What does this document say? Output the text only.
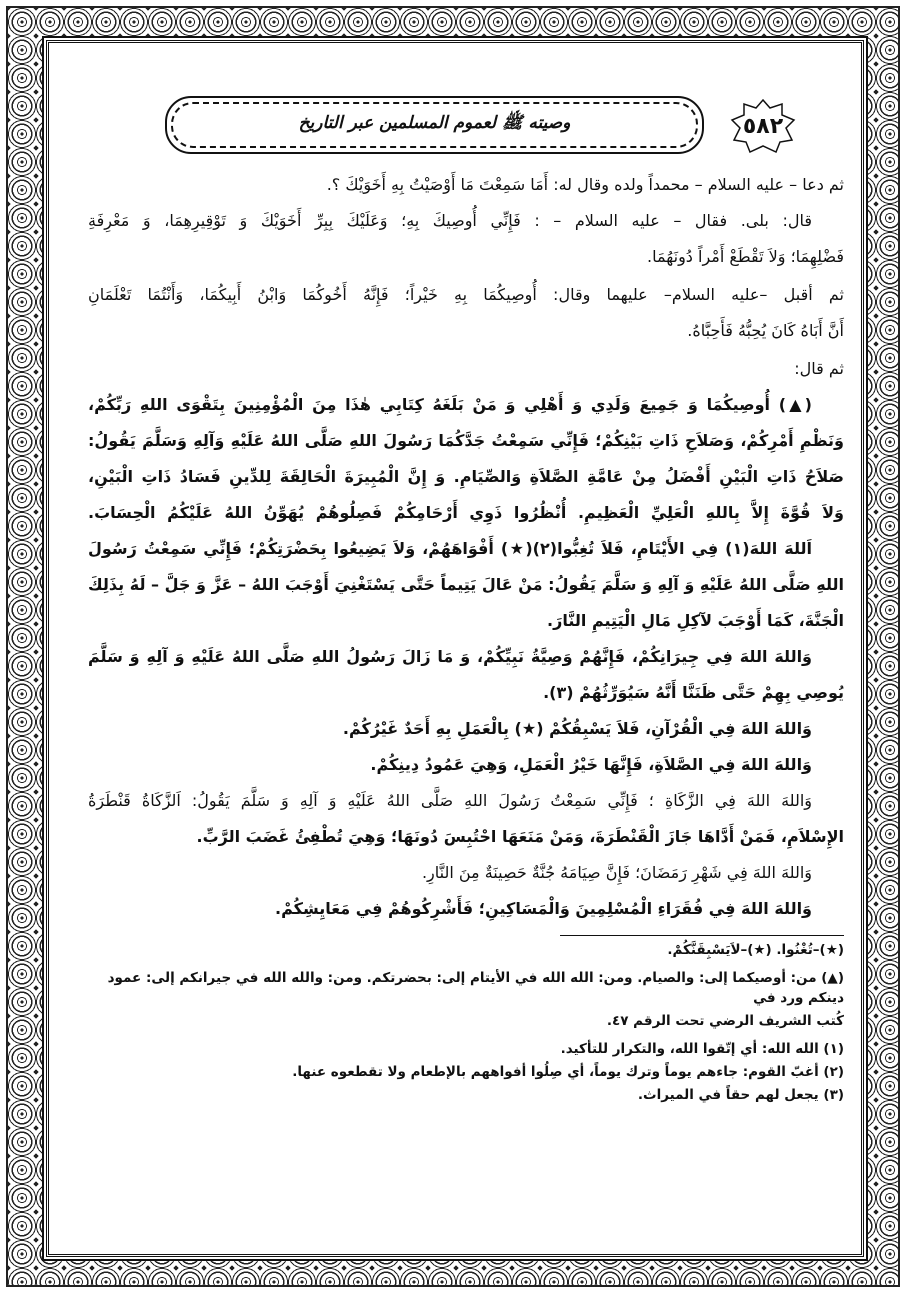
وصيته ﷺ لعموم المسلمين عبر التاريخ	٥٨٢
ثم دعا – عليه السلام – محمداً ولده وقال له: أَمَا سَمِعْتَ مَا أَوْصَيْتُ بِهِ أَخَوَيْكَ ؟.
قال: بلى. فقال – عليه السلام – : فَإِنِّي أُوصِيكَ بِهِ؛ وَعَلَيْكَ بِبِرِّ أَخَوَيْكَ وَ تَوْقِيرِهِمَا، وَ مَعْرِفَةِ
فَضْلِهِمَا؛ وَلاَ تَقْطَعْ أَمْراً دُونَهُمَا.
ثم أقبل –عليه السلام– عليهما وقال: أُوصِيكُمَا بِهِ خَيْراً؛ فَإِنَّهُ أَخُوكُمَا وَابْنُ أَبِيكُمَا، وَأَنْتُمَا تَعْلَمَانِ
أَنَّ أَبَاهُ كَانَ يُحِبُّهُ فَأَحِبَّاهُ.
ثم قال:
(▲) أُوصِيكُمَا وَ جَمِيعَ وَلَدِي وَ أَهْلِي وَ مَنْ بَلَغَهُ كِتَابِي هٰذَا مِنَ الْمُؤْمِنِينَ بِتَقْوَى اللهِ رَبِّكُمْ،
وَنَظْمِ أَمْرِكُمْ، وَصَلاَحِ ذَاتِ بَيْنِكُمْ؛ فَإِنِّي سَمِعْتُ جَدَّكُمَا رَسُولَ اللهِ صَلَّى اللهُ عَلَيْهِ وَآلِهِ وَسَلَّمَ يَقُولُ:
صَلاَحُ ذَاتِ الْبَيْنِ أَفْضَلُ مِنْ عَامَّةِ الصَّلاَةِ وَالصِّيَامِ. وَ إِنَّ الْمُبِيرَةَ الْحَالِقَةَ لِلدِّينِ فَسَادُ ذَاتِ الْبَيْنِ،
وَلاَ قُوَّةَ إِلاَّ بِاللهِ الْعَلِيِّ الْعَظِيمِ. أُنْظُرُوا ذَوِي أَرْحَامِكُمْ فَصِلُوهُمْ يُهَوِّنُ اللهُ عَلَيْكُمُ الْحِسَابَ.
اَللهَ اللهَ(١) فِي الأَيْتَامِ، فَلاَ تُغِبُّوا(٢)(★) أَفْوَاهَهُمْ، وَلاَ يَضِيعُوا بِحَضْرَتِكُمْ؛ فَإِنِّي سَمِعْتُ رَسُولَ
اللهِ صَلَّى اللهُ عَلَيْهِ وَ آلِهِ وَ سَلَّمَ يَقُولُ: مَنْ عَالَ يَتِيماً حَتَّى يَسْتَغْنِيَ أَوْجَبَ اللهُ – عَزَّ وَ جَلَّ – لَهُ بِذَلِكَ
الْجَنَّةَ، كَمَا أَوْجَبَ لآكِلِ مَالِ الْيَتِيمِ النَّارَ.
وَاللهَ اللهَ فِي جِيرَانِكُمْ، فَإِنَّهُمْ وَصِيَّةُ نَبِيِّكُمْ، وَ مَا زَالَ رَسُولُ اللهِ صَلَّى اللهُ عَلَيْهِ وَ آلِهِ وَ سَلَّمَ
يُوصِي بِهِمْ حَتَّى ظَنَنَّا أَنَّهُ سَيُوَرِّثُهُمْ (٣).
وَاللهَ اللهَ فِي الْقُرْآنِ، فَلاَ يَسْبِقُكُمْ (★) بِالْعَمَلِ بِهِ أَحَدٌ غَيْرُكُمْ.
وَاللهَ اللهَ فِي الصَّلاَةِ، فَإِنَّهَا خَيْرُ الْعَمَلِ، وَهِيَ عَمُودُ دِينِكُمْ.
وَاللهَ اللهَ فِي الزَّكَاةِ ؛ فَإِنِّي سَمِعْتُ رَسُولَ اللهِ صَلَّى اللهُ عَلَيْهِ وَ آلِهِ وَ سَلَّمَ يَقُولُ: اَلزَّكَاةُ قَنْطَرَةُ
الإِسْلاَمِ، فَمَنْ أَدَّاهَا جَازَ الْقَنْطَرَةَ، وَمَنْ مَنَعَهَا احْتُبِسَ دُونَهَا؛ وَهِيَ تُطْفِئُ غَضَبَ الرَّبِّ.
وَاللهَ اللهَ فِي شَهْرِ رَمَضَانَ؛ فَإِنَّ صِيَامَهُ جُنَّةٌ حَصِينَةٌ مِنَ النَّارِ.
وَاللهَ اللهَ فِي فُقَرَاءِ الْمُسْلِمِينَ وَالْمَسَاكِينِ؛ فَأَشْرِكُوهُمْ فِي مَعَايِشِكُمْ.
(★)–تُغْنُوا. (★)–لاَيَسْبِقَنَّكُمْ.
(▲) من: أوصيكما إلى: والصيام. ومن: الله الله في الأيتام إلى: بحضرتكم. ومن: والله الله في جيرانكم إلى: عمود دينكم ورد في
كُتب الشريف الرضي تحت الرقم ٤٧.
(١) الله الله: أي إتّقوا الله، والتكرار للتأكيد.
(٢) أغبّ القوم: جاءهم يوماً وترك يوماً، أي صِلُوا أفواههم بالإطعام ولا تقطعوه عنها.
(٣) يجعل لهم حقاً في الميراث.
